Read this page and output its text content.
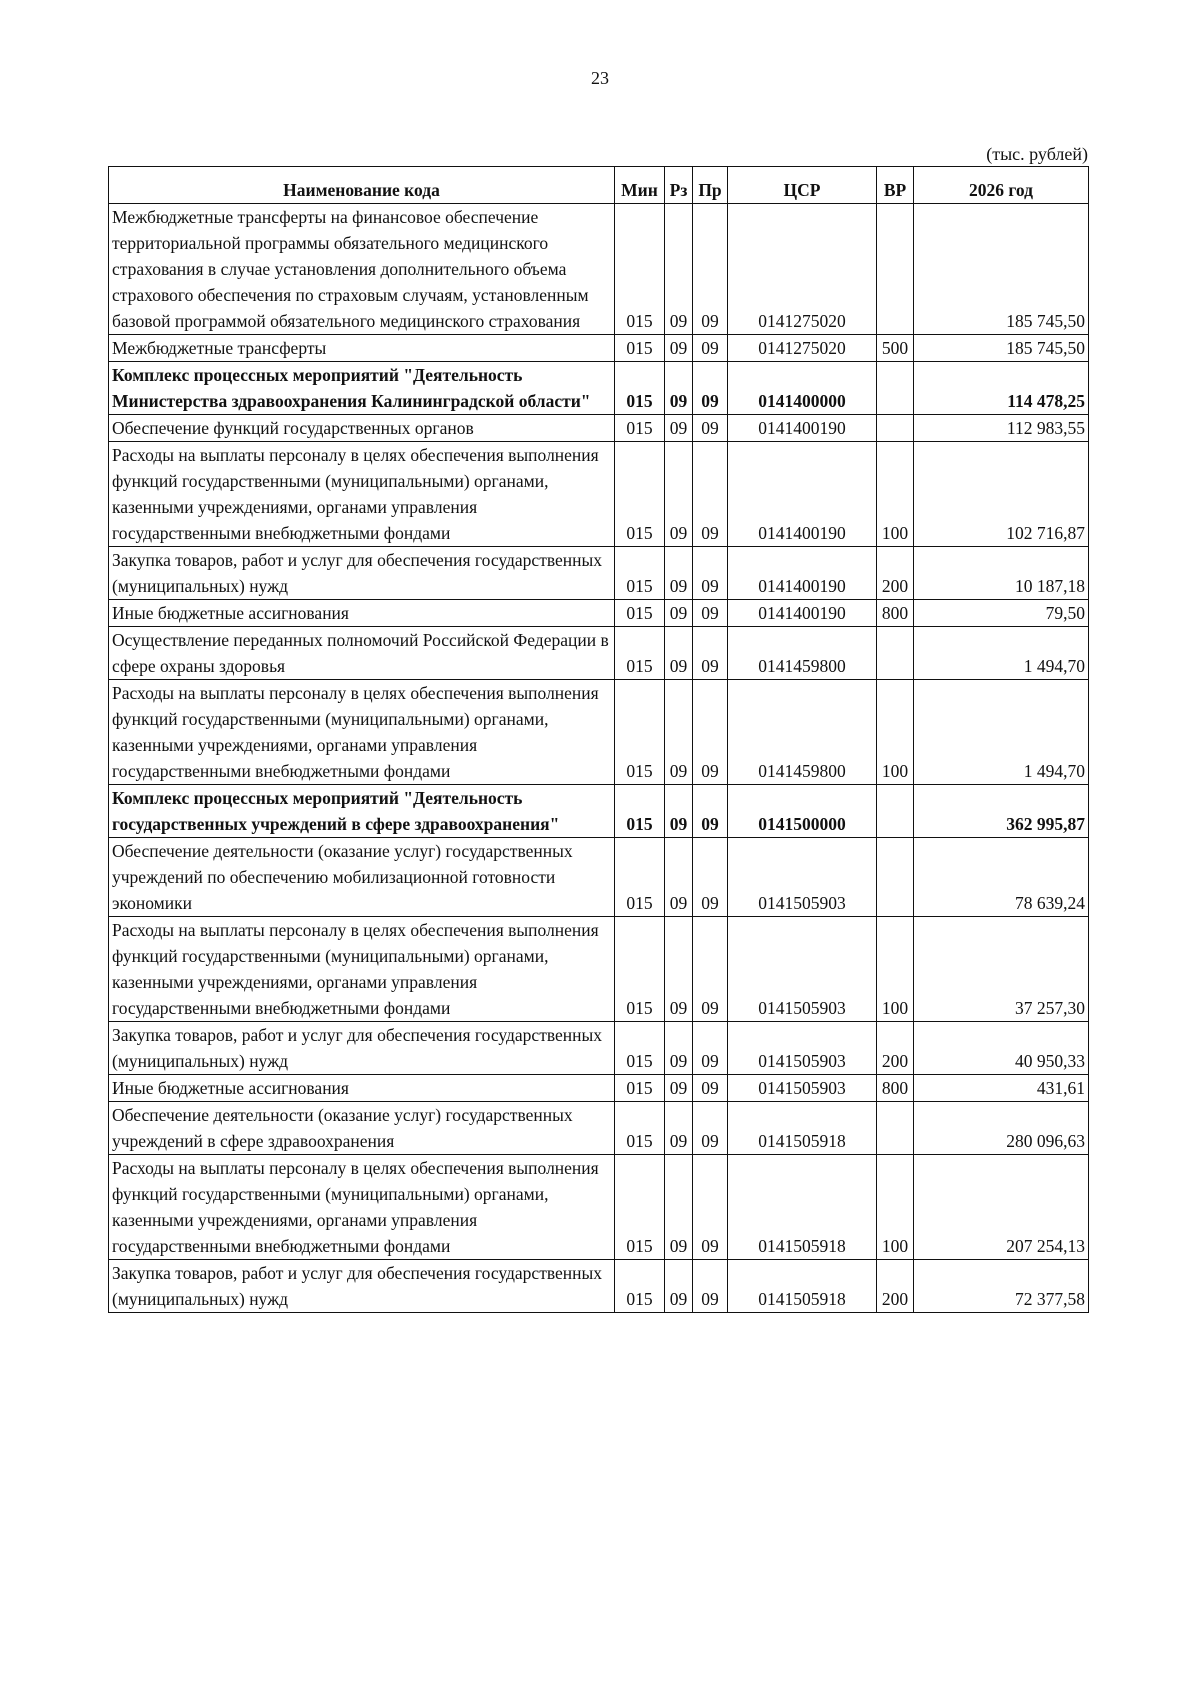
23
(тыс. рублей)
Наименование кода	Мин	Рз	Пр	ЦСР	ВР	2026 год
Межбюджетные трансферты на финансовое обеспечение территориальной программы обязательного медицинского страхования в случае установления дополнительного объема страхового обеспечения по страховым случаям, установленным базовой программой обязательного медицинского страхования	015	09	09	0141275020		185 745,50
Межбюджетные трансферты	015	09	09	0141275020	500	185 745,50
Комплекс процессных мероприятий "Деятельность Министерства здравоохранения Калининградской области"	015	09	09	0141400000		114 478,25
Обеспечение функций государственных органов	015	09	09	0141400190		112 983,55
Расходы на выплаты персоналу в целях обеспечения выполнения функций государственными (муниципальными) органами, казенными учреждениями, органами управления государственными внебюджетными фондами	015	09	09	0141400190	100	102 716,87
Закупка товаров, работ и услуг для обеспечения государственных (муниципальных) нужд	015	09	09	0141400190	200	10 187,18
Иные бюджетные ассигнования	015	09	09	0141400190	800	79,50
Осуществление переданных полномочий Российской Федерации в сфере охраны здоровья	015	09	09	0141459800		1 494,70
Расходы на выплаты персоналу в целях обеспечения выполнения функций государственными (муниципальными) органами, казенными учреждениями, органами управления государственными внебюджетными фондами	015	09	09	0141459800	100	1 494,70
Комплекс процессных мероприятий "Деятельность государственных учреждений в сфере здравоохранения"	015	09	09	0141500000		362 995,87
Обеспечение деятельности (оказание услуг) государственных учреждений по обеспечению мобилизационной готовности экономики	015	09	09	0141505903		78 639,24
Расходы на выплаты персоналу в целях обеспечения выполнения функций государственными (муниципальными) органами, казенными учреждениями, органами управления государственными внебюджетными фондами	015	09	09	0141505903	100	37 257,30
Закупка товаров, работ и услуг для обеспечения государственных (муниципальных) нужд	015	09	09	0141505903	200	40 950,33
Иные бюджетные ассигнования	015	09	09	0141505903	800	431,61
Обеспечение деятельности (оказание услуг) государственных учреждений в сфере здравоохранения	015	09	09	0141505918		280 096,63
Расходы на выплаты персоналу в целях обеспечения выполнения функций государственными (муниципальными) органами, казенными учреждениями, органами управления государственными внебюджетными фондами	015	09	09	0141505918	100	207 254,13
Закупка товаров, работ и услуг для обеспечения государственных (муниципальных) нужд	015	09	09	0141505918	200	72 377,58
